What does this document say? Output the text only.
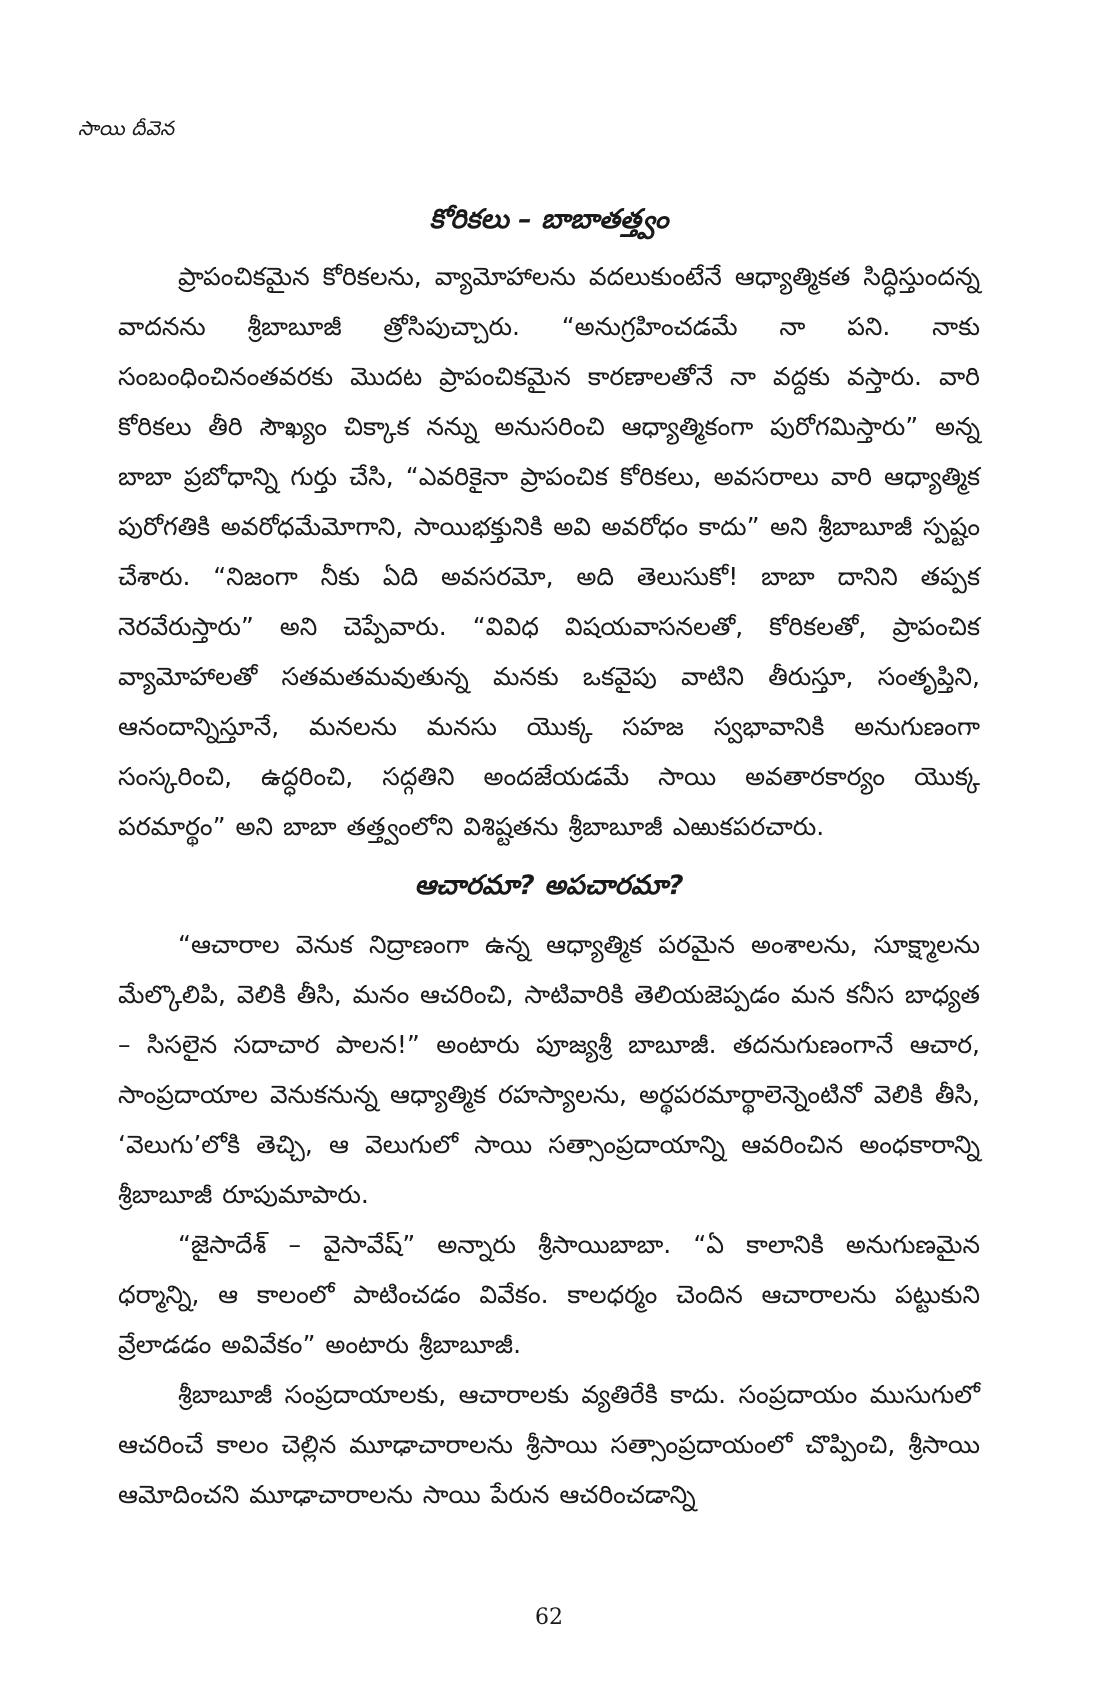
సాయి దీవెన
కోరికలు – బాబాతత్త్వం

ప్రాపంచికమైన కోరికలను, వ్యామోహాలను వదలుకుంటేనే ఆధ్యాత్మికత సిద్ధిస్తుందన్న వాదనను శ్రీబాబూజీ త్రోసిపుచ్చారు. “అనుగ్రహించడమే నా పని. నాకు సంబంధించినంతవరకు మొదట ప్రాపంచికమైన కారణాలతోనే నా వద్దకు వస్తారు. వారి కోరికలు తీరి సౌఖ్యం చిక్కాక నన్ను అనుసరించి ఆధ్యాత్మికంగా పురోగమిస్తారు” అన్న బాబా ప్రబోధాన్ని గుర్తు చేసి, “ఎవరికైనా ప్రాపంచిక కోరికలు, అవసరాలు వారి ఆధ్యాత్మిక పురోగతికి అవరోధమేమోగాని, సాయిభక్తునికి అవి అవరోధం కాదు” అని శ్రీబాబూజీ స్పష్టం చేశారు. “నిజంగా నీకు ఏది అవసరమో, అది తెలుసుకో! బాబా దానిని తప్పక నెరవేరుస్తారు” అని చెప్పేవారు. “వివిధ విషయవాసనలతో, కోరికలతో, ప్రాపంచిక వ్యామోహాలతో సతమతమవుతున్న మనకు ఒకవైపు వాటిని తీరుస్తూ, సంతృప్తిని, ఆనందాన్నిస్తూనే, మనలను మనసు యొక్క సహజ స్వభావానికి అనుగుణంగా సంస్కరించి, ఉద్ధరించి, సద్గతిని అందజేయడమే సాయి అవతారకార్యం యొక్క పరమార్థం” అని బాబా తత్త్వంలోని విశిష్టతను శ్రీబాబూజీ ఎఱుకపరచారు.

ఆచారమా? అపచారమా?

“ఆచారాల వెనుక నిద్రాణంగా ఉన్న ఆధ్యాత్మిక పరమైన అంశాలను, సూక్ష్మాలను మేల్కొలిపి, వెలికి తీసి, మనం ఆచరించి, సాటివారికి తెలియజెప్పడం మన కనీస బాధ్యత – సిసలైన సదాచార పాలన!” అంటారు పూజ్యశ్రీ బాబూజీ. తదనుగుణంగానే ఆచార, సాంప్రదాయాల వెనుకనున్న ఆధ్యాత్మిక రహస్యాలను, అర్థపరమార్థాలెన్నెంటినో వెలికి తీసి, ‘వెలుగు’లోకి తెచ్చి, ఆ వెలుగులో సాయి సత్సాంప్రదాయాన్ని ఆవరించిన అంధకారాన్ని శ్రీబాబూజీ రూపుమాపారు.

“జైసాదేశ్ – వైసావేష్” అన్నారు శ్రీసాయిబాబా. “ఏ కాలానికి అనుగుణమైన ధర్మాన్ని, ఆ కాలంలో పాటించడం వివేకం. కాలధర్మం చెందిన ఆచారాలను పట్టుకుని వ్రేలాడడం అవివేకం” అంటారు శ్రీబాబూజీ.

శ్రీబాబూజీ సంప్రదాయాలకు, ఆచారాలకు వ్యతిరేకి కాదు. సంప్రదాయం ముసుగులో ఆచరించే కాలం చెల్లిన మూఢాచారాలను శ్రీసాయి సత్సాంప్రదాయంలో చొప్పించి, శ్రీసాయి ఆమోదించని మూఢాచారాలను సాయి పేరున ఆచరించడాన్ని

62
